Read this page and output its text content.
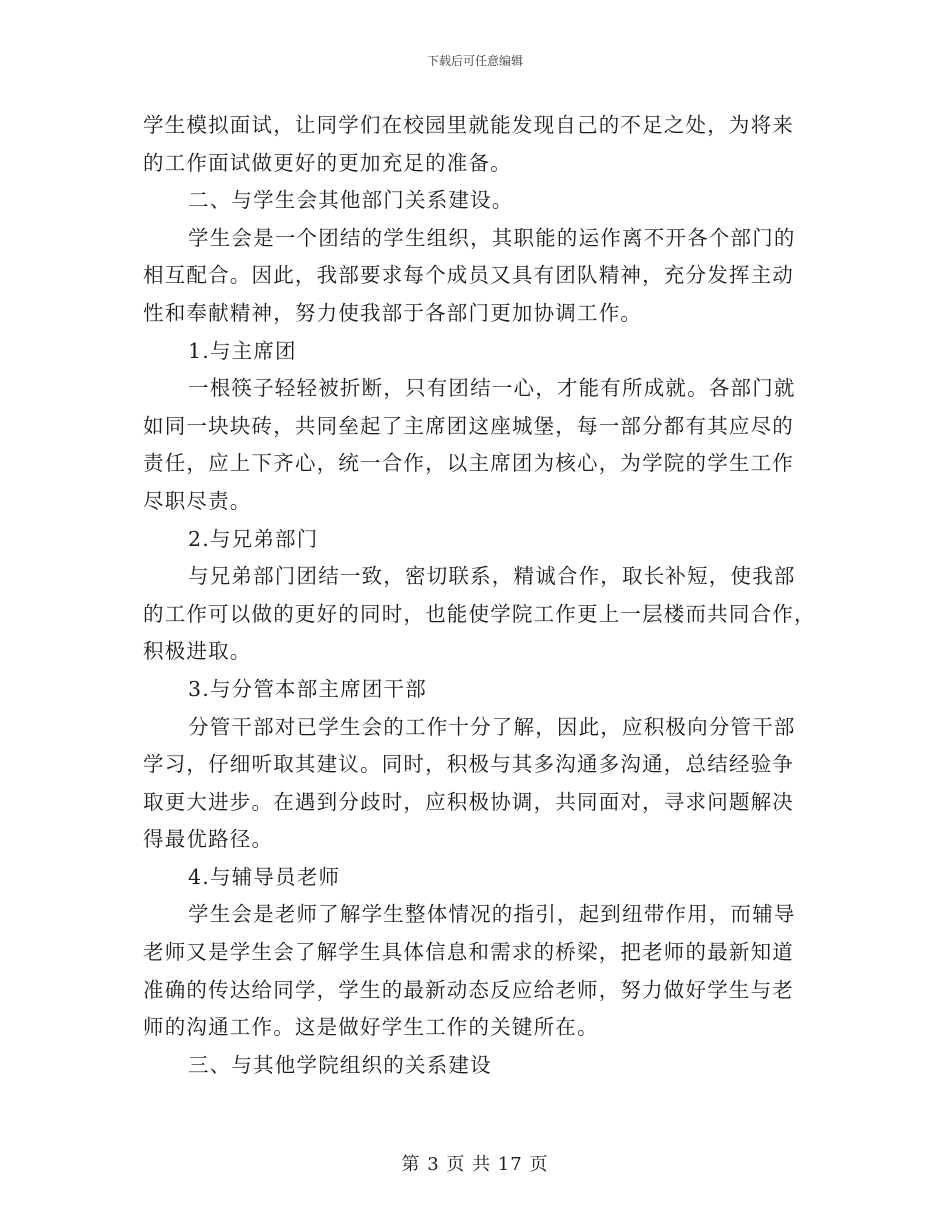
下载后可任意编辑
学生模拟面试，让同学们在校园里就能发现自己的不足之处，为将来
的工作面试做更好的更加充足的准备。
二、与学生会其他部门关系建设。
学生会是一个团结的学生组织，其职能的运作离不开各个部门的
相互配合。因此，我部要求每个成员又具有团队精神，充分发挥主动
性和奉献精神，努力使我部于各部门更加协调工作。
1.与主席团
一根筷子轻轻被折断，只有团结一心，才能有所成就。各部门就
如同一块块砖，共同垒起了主席团这座城堡，每一部分都有其应尽的
责任，应上下齐心，统一合作，以主席团为核心，为学院的学生工作
尽职尽责。
2.与兄弟部门
与兄弟部门团结一致，密切联系，精诚合作，取长补短，使我部
的工作可以做的更好的同时，也能使学院工作更上一层楼而共同合作，
积极进取。
3.与分管本部主席团干部
分管干部对已学生会的工作十分了解，因此，应积极向分管干部
学习，仔细听取其建议。同时，积极与其多沟通多沟通，总结经验争
取更大进步。在遇到分歧时，应积极协调，共同面对，寻求问题解决
得最优路径。
4.与辅导员老师
学生会是老师了解学生整体情况的指引，起到纽带作用，而辅导
老师又是学生会了解学生具体信息和需求的桥梁，把老师的最新知道
准确的传达给同学，学生的最新动态反应给老师，努力做好学生与老
师的沟通工作。这是做好学生工作的关键所在。
三、与其他学院组织的关系建设
第 3 页 共 17 页
